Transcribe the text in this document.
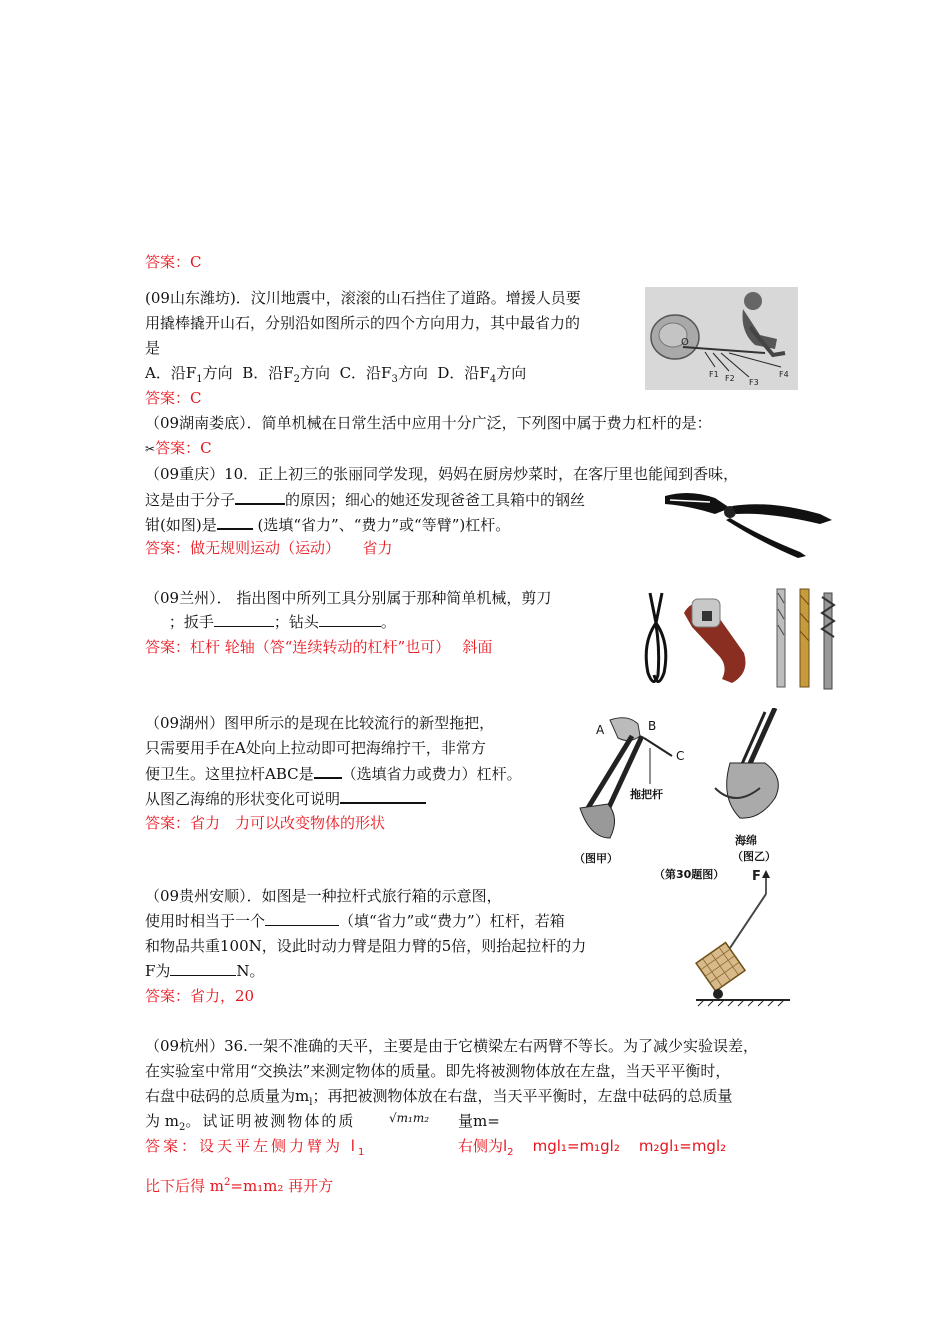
答案：C
(09山东潍坊)．汶川地震中，滚滚的山石挡住了道路。增援人员要
用撬棒撬开山石，分别沿如图所示的四个方向用力，其中最省力的
是
A．沿$F_1$方向 B．沿$F_2$方向 C．沿$F_3$方向 D．沿$F_4$方向
答案：C
O
F1 F2 F3
F4
（09湖南娄底）．简单机械在日常生活中应用十分广泛，下列图中属于费力杠杆的是：
✂答案：C
（09重庆）10．正上初三的张丽同学发现，妈妈在厨房炒菜时，在客厅里也能闻到香味，
这是由于分子	的原因；细心的她还发现爸爸工具箱中的钢丝
钳(如图)是	(选填“省力”、“费力”或“等臂”)杠杆。
答案：做无规则运动（运动）　　省力
（09兰州）． 指出图中所列工具分别属于那种简单机械，剪刀
；扳手	；钻头	。
答案：杠杆 轮轴（答“连续转动的杠杆”也可）　 斜面
（09湖州）图甲所示的是现在比较流行的新型拖把，
只需要用手在A处向上拉动即可把海绵拧干，非常方
便卫生。这里拉杆ABC是 （选填省力或费力）杠杆。
从图乙海绵的形状变化可说明
答案：省力　力可以改变物体的形状
A	B
C
拖把杆
海绵
（图甲）	（图乙）
（第30题图）
（09贵州安顺）．如图是一种拉杆式旅行箱的示意图，
使用时相当于一个	（填“省力”或“费力”）杠杆，若箱
和物品共重100N，设此时动力臂是阻力臂的5倍，则抬起拉杆的力
F为	N。
答案：省力，20
F
（09杭州）36.一架不准确的天平，主要是由于它横梁左右两臂不等长。为了减少实验误差，
在实验室中常用“交换法”来测定物体的质量。即先将被测物体放在左盘，当天平平衡时，
右盘中砝码的总质量为$m_l$；再把被测物体放在右盘，当天平平衡时，左盘中砝码的总质量
为 $m_2$。试证明被测物体的质	√m₁m₂ 量m=
答案：设天平左侧力臂为 $l_1$	右侧为$l_2$ mgl₁=m₁gl₂ m₂gl₁=mgl₂
比下后得 $m^2=m_1m_2$ 再开方
